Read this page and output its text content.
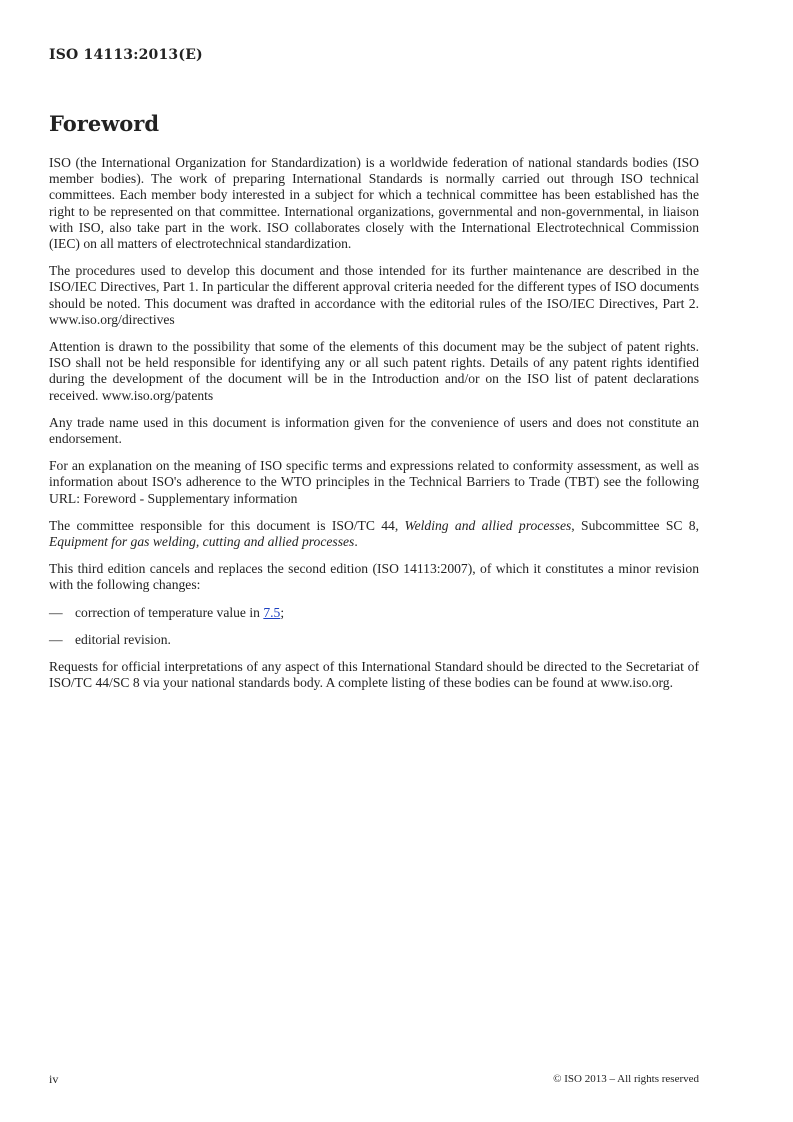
ISO 14113:2013(E)
Foreword

ISO (the International Organization for Standardization) is a worldwide federation of national standards bodies (ISO member bodies). The work of preparing International Standards is normally carried out through ISO technical committees. Each member body interested in a subject for which a technical committee has been established has the right to be represented on that committee. International organizations, governmental and non-governmental, in liaison with ISO, also take part in the work. ISO collaborates closely with the International Electrotechnical Commission (IEC) on all matters of electrotechnical standardization.

The procedures used to develop this document and those intended for its further maintenance are described in the ISO/IEC Directives, Part 1. In particular the different approval criteria needed for the different types of ISO documents should be noted. This document was drafted in accordance with the editorial rules of the ISO/IEC Directives, Part 2. www.iso.org/directives

Attention is drawn to the possibility that some of the elements of this document may be the subject of patent rights. ISO shall not be held responsible for identifying any or all such patent rights. Details of any patent rights identified during the development of the document will be in the Introduction and/or on the ISO list of patent declarations received. www.iso.org/patents

Any trade name used in this document is information given for the convenience of users and does not constitute an endorsement.

For an explanation on the meaning of ISO specific terms and expressions related to conformity assessment, as well as information about ISO's adherence to the WTO principles in the Technical Barriers to Trade (TBT) see the following URL: Foreword - Supplementary information

The committee responsible for this document is ISO/TC 44, Welding and allied processes, Subcommittee SC 8, Equipment for gas welding, cutting and allied processes.

This third edition cancels and replaces the second edition (ISO 14113:2007), of which it constitutes a minor revision with the following changes:

— correction of temperature value in 7.5;
— editorial revision.

Requests for official interpretations of any aspect of this International Standard should be directed to the Secretariat of ISO/TC 44/SC 8 via your national standards body. A complete listing of these bodies can be found at www.iso.org.

iv	© ISO 2013 – All rights reserved
